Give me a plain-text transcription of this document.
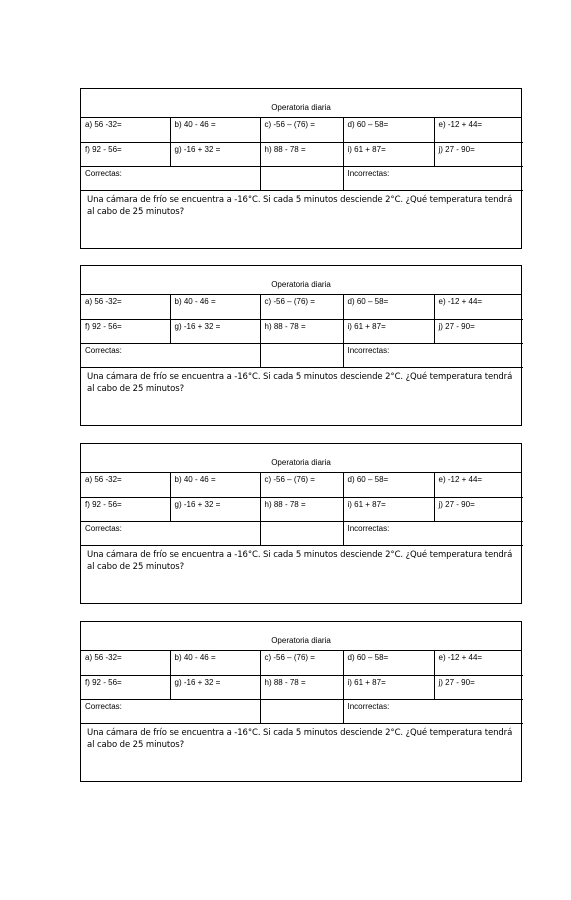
Operatoria diaria
a) 56 -32=	b) 40 - 46 =	c) -56 – (76) =	d) 60 – 58=	e) -12 + 44=
f) 92 - 56=	g) -16 + 32 =	h) 88 - 78 =	i) 61 + 87=	j) 27 - 90=
Correctas:			Incorrectas:	
Una cámara de frío se encuentra a -16°C. Si cada 5 minutos desciende 2°C. ¿Qué temperatura tendrá al cabo de 25 minutos?
Operatoria diaria
a) 56 -32=	b) 40 - 46 =	c) -56 – (76) =	d) 60 – 58=	e) -12 + 44=
f) 92 - 56=	g) -16 + 32 =	h) 88 - 78 =	i) 61 + 87=	j) 27 - 90=
Correctas:			Incorrectas:	
Una cámara de frío se encuentra a -16°C. Si cada 5 minutos desciende 2°C. ¿Qué temperatura tendrá al cabo de 25 minutos?
Operatoria diaria
a) 56 -32=	b) 40 - 46 =	c) -56 – (76) =	d) 60 – 58=	e) -12 + 44=
f) 92 - 56=	g) -16 + 32 =	h) 88 - 78 =	i) 61 + 87=	j) 27 - 90=
Correctas:			Incorrectas:	
Una cámara de frío se encuentra a -16°C. Si cada 5 minutos desciende 2°C. ¿Qué temperatura tendrá al cabo de 25 minutos?
Operatoria diaria
a) 56 -32=	b) 40 - 46 =	c) -56 – (76) =	d) 60 – 58=	e) -12 + 44=
f) 92 - 56=	g) -16 + 32 =	h) 88 - 78 =	i) 61 + 87=	j) 27 - 90=
Correctas:			Incorrectas:	
Una cámara de frío se encuentra a -16°C. Si cada 5 minutos desciende 2°C. ¿Qué temperatura tendrá al cabo de 25 minutos?
